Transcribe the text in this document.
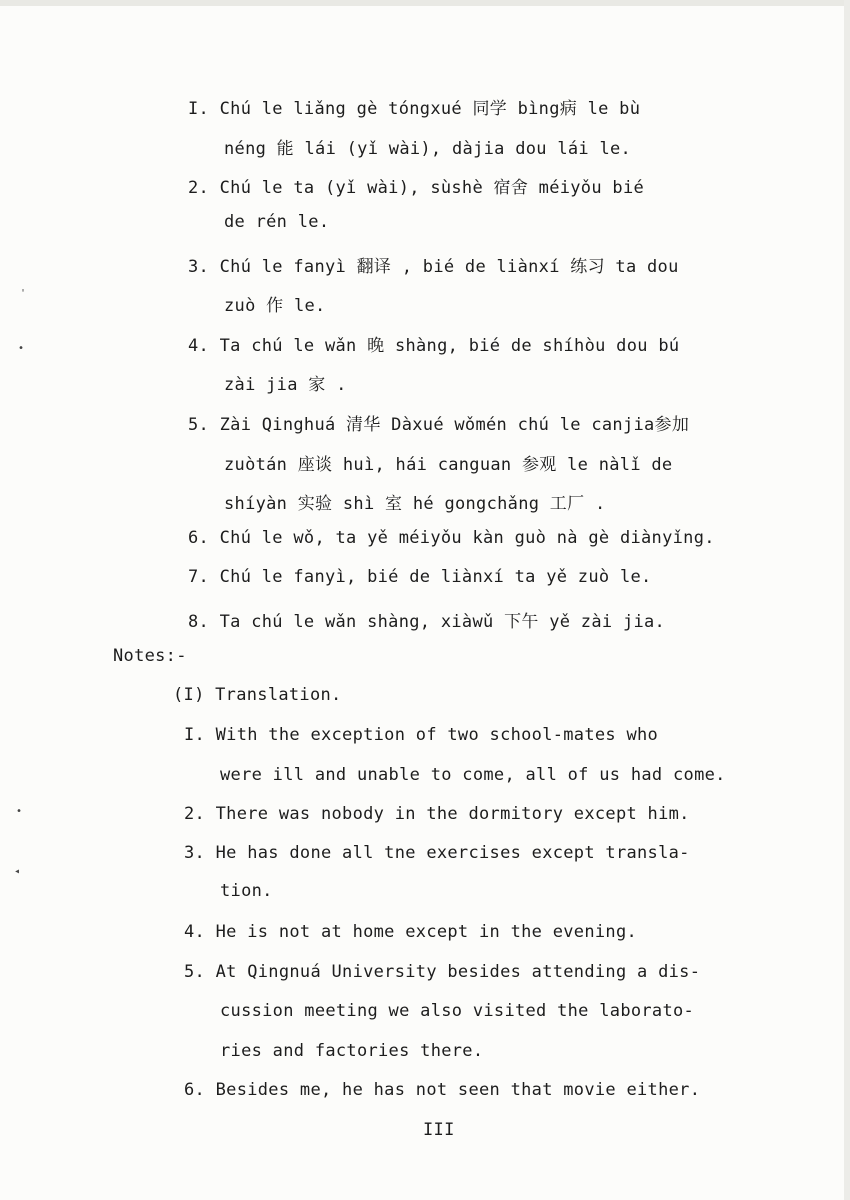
'
•
•
◂
I. Chú le liǎng gè tóngxué 同学 bìng病 le bù
néng 能 lái (yǐ wài), dàjia dou lái le.
2. Chú le ta (yǐ wài), sùshè 宿舍 méiyǒu bié
de rén le.
3. Chú le fanyì 翻译 , bié de liànxí 练习 ta dou
zuò 作 le.
4. Ta chú le wǎn 晚 shàng, bié de shíhòu dou bú
zài jia 家 .
5. Zài Qinghuá 清华 Dàxué wǒmén chú le canjia参加
zuòtán 座谈 huì, hái canguan 参观 le nàlǐ de
shíyàn 实验 shì 室 hé gongchǎng 工厂 .
6. Chú le wǒ, ta yě méiyǒu kàn guò nà gè diànyǐng.
7. Chú le fanyì, bié de liànxí ta yě zuò le.
8. Ta chú le wǎn shàng, xiàwǔ 下午 yě zài jia.
Notes:-
(I) Translation.
I. With the exception of two school-mates who
were ill and unable to come, all of us had come.
2. There was nobody in the dormitory except him.
3. He has done all tne exercises except transla-
tion.
4. He is not at home except in the evening.
5. At Qingnuá University besides attending a dis-
cussion meeting we also visited the laborato-
ries and factories there.
6. Besides me, he has not seen that movie either.
III
